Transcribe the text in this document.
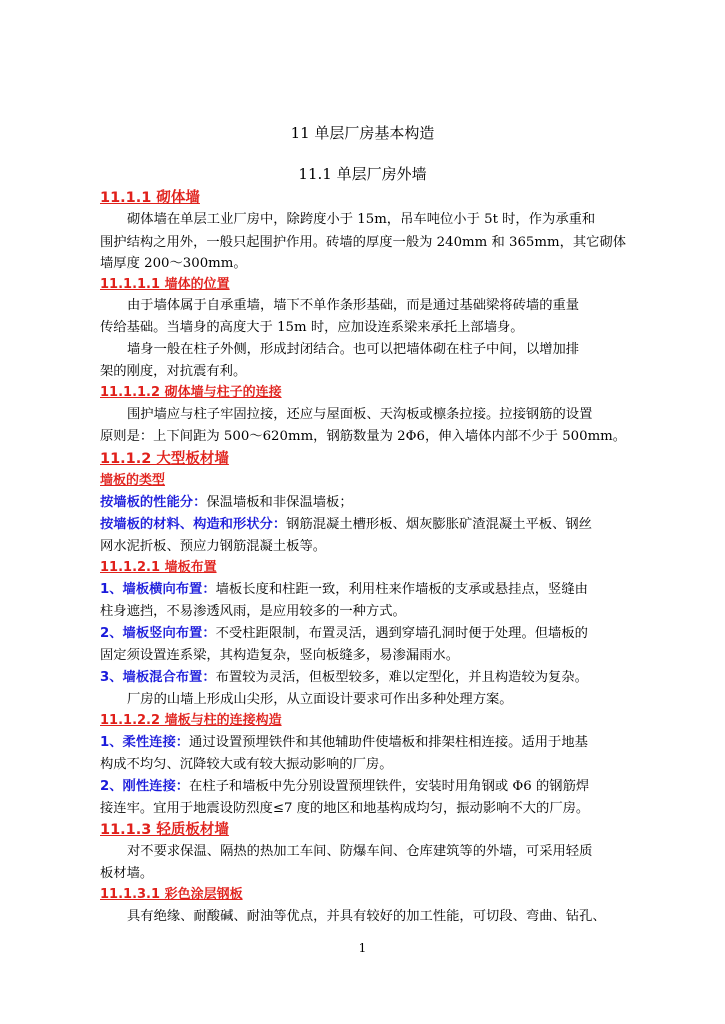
11 单层厂房基本构造
11.1 单层厂房外墙
11.1.1 砌体墙
砌体墙在单层工业厂房中，除跨度小于 15m，吊车吨位小于 5t 时，作为承重和
围护结构之用外，一般只起围护作用。砖墙的厚度一般为 240mm 和 365mm，其它砌体
墙厚度 200～300mm。
11.1.1.1 墙体的位置
由于墙体属于自承重墙，墙下不单作条形基础，而是通过基础梁将砖墙的重量
传给基础。当墙身的高度大于 15m 时，应加设连系梁来承托上部墙身。
墙身一般在柱子外侧，形成封闭结合。也可以把墙体砌在柱子中间，以增加排
架的刚度，对抗震有利。
11.1.1.2 砌体墙与柱子的连接
围护墙应与柱子牢固拉接，还应与屋面板、天沟板或檩条拉接。拉接钢筋的设置
原则是：上下间距为 500～620mm，钢筋数量为 2Φ6，伸入墙体内部不少于 500mm。
11.1.2 大型板材墙
墙板的类型
按墙板的性能分：保温墙板和非保温墙板；
按墙板的材料、构造和形状分：钢筋混凝土槽形板、烟灰膨胀矿渣混凝土平板、钢丝
网水泥折板、预应力钢筋混凝土板等。
11.1.2.1 墙板布置
1、墙板横向布置：墙板长度和柱距一致，利用柱来作墙板的支承或悬挂点，竖缝由
柱身遮挡，不易渗透风雨，是应用较多的一种方式。
2、墙板竖向布置：不受柱距限制，布置灵活，遇到穿墙孔洞时便于处理。但墙板的
固定须设置连系梁，其构造复杂，竖向板缝多，易渗漏雨水。
3、墙板混合布置：布置较为灵活，但板型较多，难以定型化，并且构造较为复杂。
厂房的山墙上形成山尖形，从立面设计要求可作出多种处理方案。
11.1.2.2 墙板与柱的连接构造
1、柔性连接：通过设置预埋铁件和其他辅助件使墙板和排架柱相连接。适用于地基
构成不均匀、沉降较大或有较大振动影响的厂房。
2、刚性连接：在柱子和墙板中先分别设置预埋铁件，安装时用角钢或 Φ6 的钢筋焊
接连牢。宜用于地震设防烈度≤7 度的地区和地基构成均匀，振动影响不大的厂房。
11.1.3 轻质板材墙
对不要求保温、隔热的热加工车间、防爆车间、仓库建筑等的外墙，可采用轻质
板材墙。
11.1.3.1 彩色涂层钢板
具有绝缘、耐酸碱、耐油等优点，并具有较好的加工性能，可切段、弯曲、钻孔、
1
